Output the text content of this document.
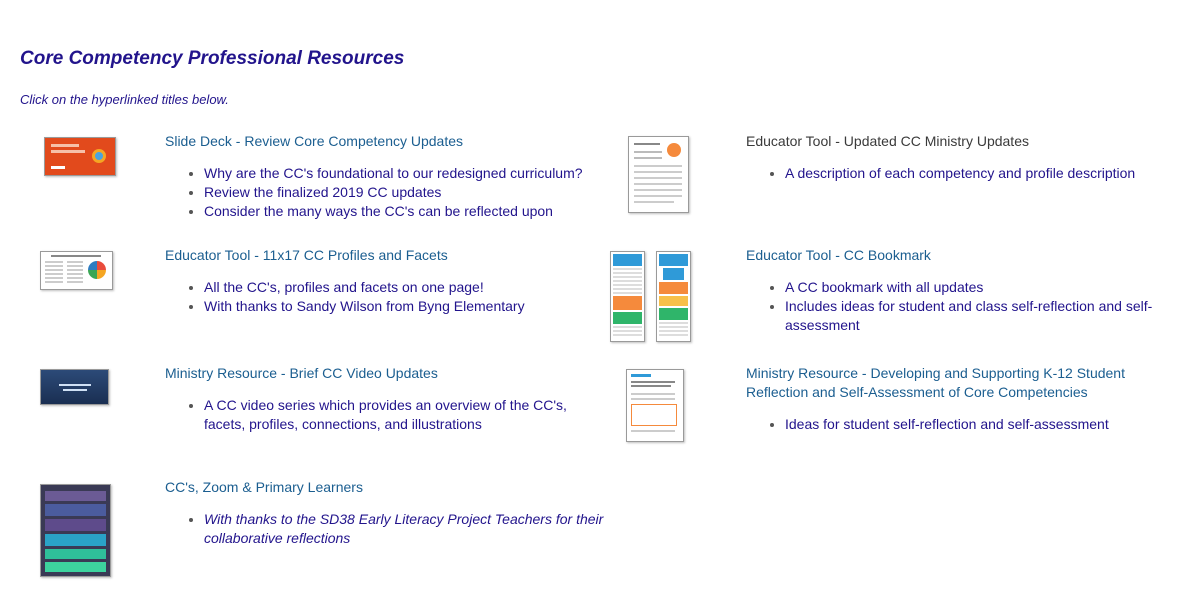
Core Competency Professional Resources
Click on the hyperlinked titles below.
Slide Deck - Review Core Competency Updates
• Why are the CC's foundational to our redesigned curriculum?
• Review the finalized 2019 CC updates
• Consider the many ways the CC's can be reflected upon
Educator Tool - Updated CC Ministry Updates
• A description of each competency and profile description
Educator Tool - 11x17 CC Profiles and Facets
• All the CC's, profiles and facets on one page!
• With thanks to Sandy Wilson from Byng Elementary
Educator Tool - CC Bookmark
• A CC bookmark with all updates
• Includes ideas for student and class self-reflection and self-assessment
Ministry Resource - Brief CC Video Updates
• A CC video series which provides an overview of the CC's, facets, profiles, connections, and illustrations
Ministry Resource - Developing and Supporting K-12 Student Reflection and Self-Assessment of Core Competencies
• Ideas for student self-reflection and self-assessment
CC's, Zoom & Primary Learners
• With thanks to the SD38 Early Literacy Project Teachers for their collaborative reflections
